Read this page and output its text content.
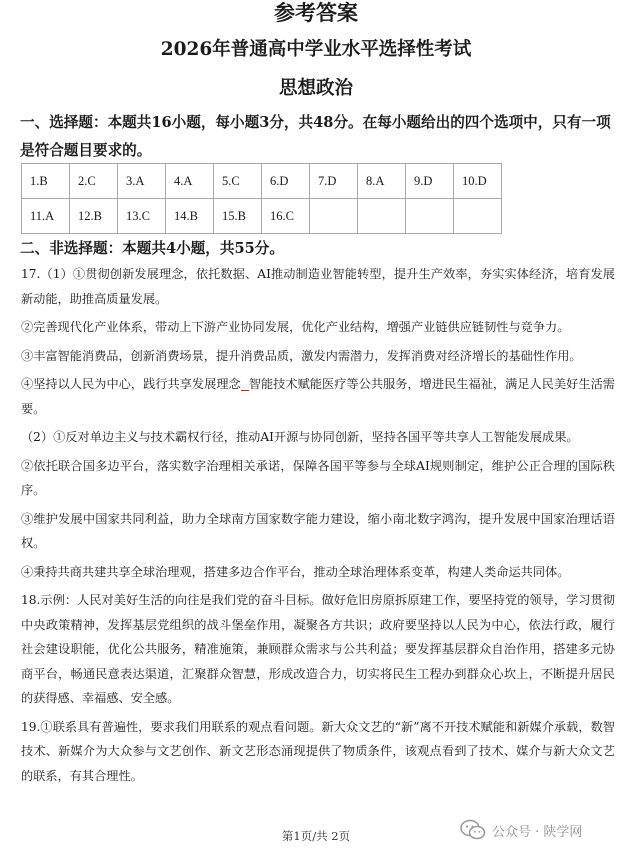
参考答案
2026年普通高中学业水平选择性考试
思想政治
一、选择题：本题共16小题，每小题3分，共48分。在每小题给出的四个选项中，只有一项是符合题目要求的。
1.B	2.C	3.A	4.A	5.C	6.D	7.D	8.A	9.D	10.D
11.A	12.B	13.C	14.B	15.B	16.C				
二、非选择题：本题共4小题，共55分。

17.（1）①贯彻创新发展理念，依托数据、AI推动制造业智能转型，提升生产效率，夯实实体经济，培育发展新动能，助推高质量发展。

②完善现代化产业体系，带动上下游产业协同发展，优化产业结构，增强产业链供应链韧性与竞争力。

③丰富智能消费品，创新消费场景，提升消费品质，激发内需潜力，发挥消费对经济增长的基础性作用。

④坚持以人民为中心，践行共享发展理念 智能技术赋能医疗等公共服务，增进民生福祉，满足人民美好生活需要。

（2）①反对单边主义与技术霸权行径，推动AI开源与协同创新，坚持各国平等共享人工智能发展成果。

②依托联合国多边平台，落实数字治理相关承诺，保障各国平等参与全球AI规则制定，维护公正合理的国际秩序。

③维护发展中国家共同利益，助力全球南方国家数字能力建设，缩小南北数字鸿沟，提升发展中国家治理话语权。

④秉持共商共建共享全球治理观，搭建多边合作平台，推动全球治理体系变革，构建人类命运共同体。

18.示例：人民对美好生活的向往是我们党的奋斗目标。做好危旧房原拆原建工作，要坚持党的领导，学习贯彻中央政策精神，发挥基层党组织的战斗堡垒作用，凝聚各方共识；政府要坚持以人民为中心，依法行政，履行社会建设职能，优化公共服务，精准施策，兼顾群众需求与公共利益；要发挥基层群众自治作用，搭建多元协商平台，畅通民意表达渠道，汇聚群众智慧，形成改造合力，切实将民生工程办到群众心坎上，不断提升居民的获得感、幸福感、安全感。

19.①联系具有普遍性，要求我们用联系的观点看问题。新大众文艺的“新”离不开技术赋能和新媒介承载，数智技术、新媒介为大众参与文艺创作、新文艺形态涌现提供了物质条件，该观点看到了技术、媒介与新大众文艺的联系，有其合理性。

第1页/共 2页	公众号 · 陕学网
